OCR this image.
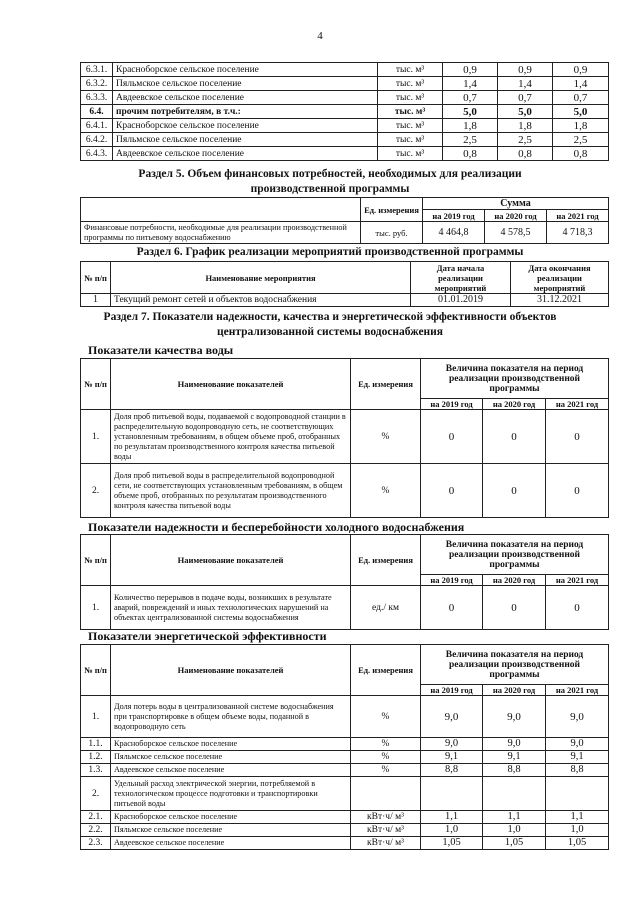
4
6.3.1.	Красноборское сельское поселение	тыс. м³	0,9	0,9	0,9
6.3.2.	Пяльмское сельское поселение	тыс. м³	1,4	1,4	1,4
6.3.3.	Авдеевское сельское поселение	тыс. м³	0,7	0,7	0,7
6.4.	прочим потребителям, в т.ч.:	тыс. м³	5,0	5,0	5,0
6.4.1.	Красноборское сельское поселение	тыс. м³	1,8	1,8	1,8
6.4.2.	Пяльмское сельское поселение	тыс. м³	2,5	2,5	2,5
6.4.3.	Авдеевское сельское поселение	тыс. м³	0,8	0,8	0,8
Раздел 5. Объем финансовых потребностей, необходимых для реализации
производственной программы
	Ед. измерения	Сумма		
		на 2019 год	на 2020 год	на 2021 год
Финансовые потребности, необходимые для реализации производственной программы по питьевому водоснабжению	тыс. руб.	4 464,8	4 578,5	4 718,3
Раздел 6. График реализации мероприятий производственной программы
№ п/п	Наименование мероприятия	Дата начала реализации мероприятий	Дата окончания реализации мероприятий
1	Текущий ремонт сетей и объектов водоснабжения	01.01.2019	31.12.2021
Раздел 7. Показатели надежности, качества и энергетической эффективности объектов
централизованной системы водоснабжения
Показатели качества воды
№ п/п	Наименование показателей	Ед. измерения	Величина показателя на период реализации производственной программы		
			на 2019 год	на 2020 год	на 2021 год
1.	Доля проб питьевой воды, подаваемой с водопроводной станции в распределительную водопроводную сеть, не соответствующих установленным требованиям, в общем объеме проб, отобранных по результатам производственного контроля качества питьевой воды	%	0	0	0
2.	Доля проб питьевой воды в распределительной водопроводной сети, не соответствующих установленным требованиям, в общем объеме проб, отобранных по результатам производственного контроля качества питьевой воды	%	0	0	0
Показатели надежности и бесперебойности холодного водоснабжения
№ п/п	Наименование показателей	Ед. измерения	Величина показателя на период реализации производственной программы		
			на 2019 год	на 2020 год	на 2021 год
1.	Количество перерывов в подаче воды, возникших в результате аварий, повреждений и иных технологических нарушений на объектах централизованной системы водоснабжения	ед./ км	0	0	0
Показатели энергетической эффективности
№ п/п	Наименование показателей	Ед. измерения	Величина показателя на период реализации производственной программы		
			на 2019 год	на 2020 год	на 2021 год
1.	Доля потерь воды в централизованной системе водоснабжения при транспортировке в общем объеме воды, поданной в водопроводную сеть	%	9,0	9,0	9,0
1.1.	Красноборское сельское поселение	%	9,0	9,0	9,0
1.2.	Пяльмское сельское поселение	%	9,1	9,1	9,1
1.3.	Авдеевское сельское поселение	%	8,8	8,8	8,8
2.	Удельный расход электрической энергии, потребляемой в технологическом процессе подготовки и транспортировки питьевой воды				
2.1.	Красноборское сельское поселение	кВт·ч/ м³	1,1	1,1	1,1
2.2.	Пяльмское сельское поселение	кВт·ч/ м³	1,0	1,0	1,0
2.3.	Авдеевское сельское поселение	кВт·ч/ м³	1,05	1,05	1,05
